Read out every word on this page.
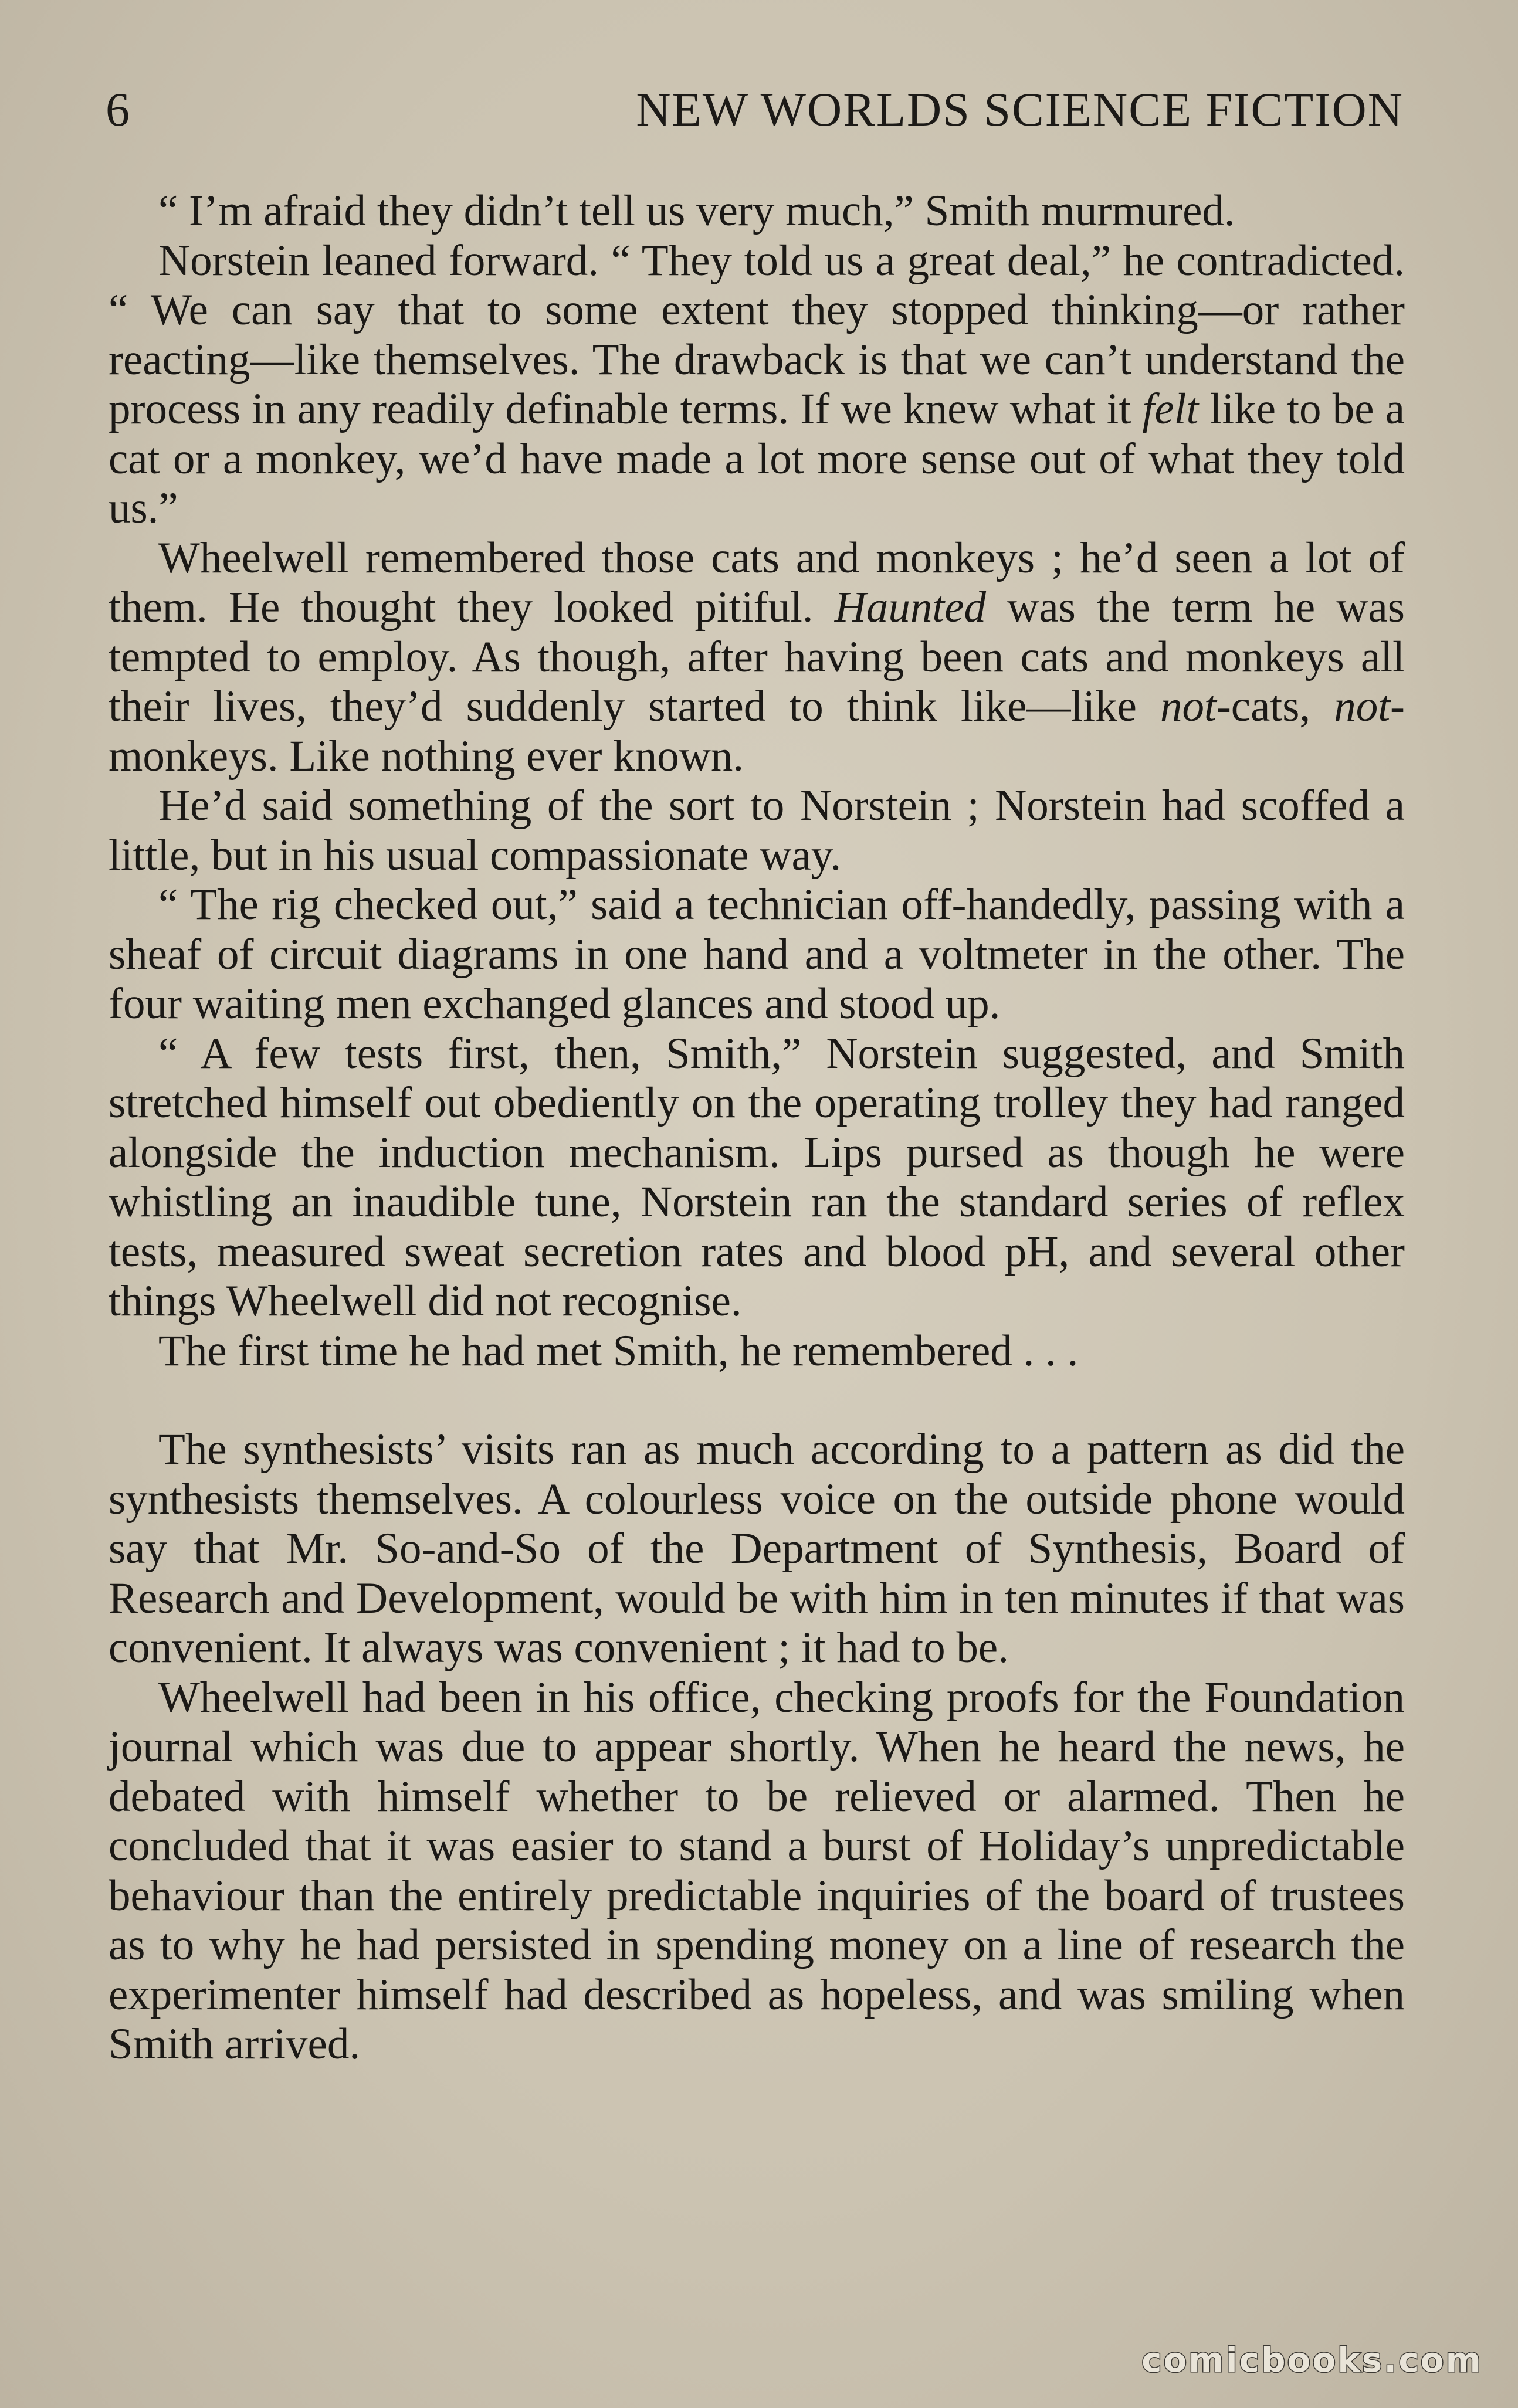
6	NEW WORLDS SCIENCE FICTION

“ I’m afraid they didn’t tell us very much,” Smith murmured.

Norstein leaned forward. “ They told us a great deal,” he contradicted. “ We can say that to some extent they stopped thinking—or rather reacting—like themselves. The drawback is that we can’t understand the process in any readily definable terms. If we knew what it felt like to be a cat or a monkey, we’d have made a lot more sense out of what they told us.”

Wheelwell remembered those cats and monkeys ; he’d seen a lot of them. He thought they looked pitiful. Haunted was the term he was tempted to employ. As though, after having been cats and monkeys all their lives, they’d suddenly started to think like—like not-cats, not-monkeys. Like nothing ever known.

He’d said something of the sort to Norstein ; Norstein had scoffed a little, but in his usual compassionate way.

“ The rig checked out,” said a technician off-handedly, passing with a sheaf of circuit diagrams in one hand and a voltmeter in the other. The four waiting men exchanged glances and stood up.

“ A few tests first, then, Smith,” Norstein suggested, and Smith stretched himself out obediently on the operating trolley they had ranged alongside the induction mechanism. Lips pursed as though he were whistling an inaudible tune, Norstein ran the standard series of reflex tests, measured sweat secretion rates and blood pH, and several other things Wheelwell did not recognise.

The first time he had met Smith, he remembered . . .

The synthesists’ visits ran as much according to a pattern as did the synthesists themselves. A colourless voice on the outside phone would say that Mr. So-and-So of the Department of Synthesis, Board of Research and Development, would be with him in ten minutes if that was convenient. It always was convenient ; it had to be.

Wheelwell had been in his office, checking proofs for the Foundation journal which was due to appear shortly. When he heard the news, he debated with himself whether to be relieved or alarmed. Then he concluded that it was easier to stand a burst of Holiday’s unpredictable behaviour than the entirely predictable inquiries of the board of trustees as to why he had persisted in spending money on a line of research the experimenter himself had described as hopeless, and was smiling when Smith arrived.

comicbooks.com
